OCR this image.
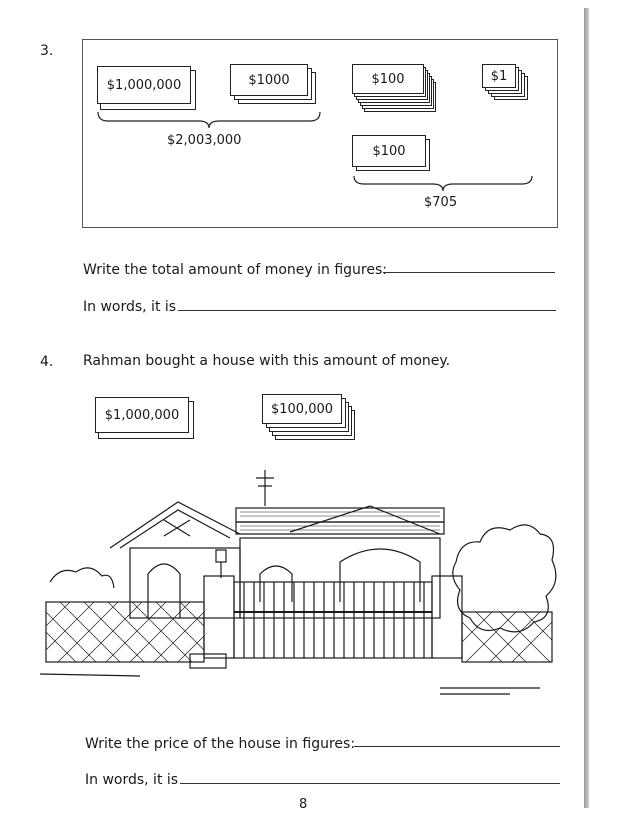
3.
$1,000,000	$1000	$100	$1
$100
$2,003,000
$705
Write the total amount of money in figures:
In words, it is
4. Rahman bought a house with this amount of money.
$1,000,000	$100,000
Write the price of the house in figures:
In words, it is
8
